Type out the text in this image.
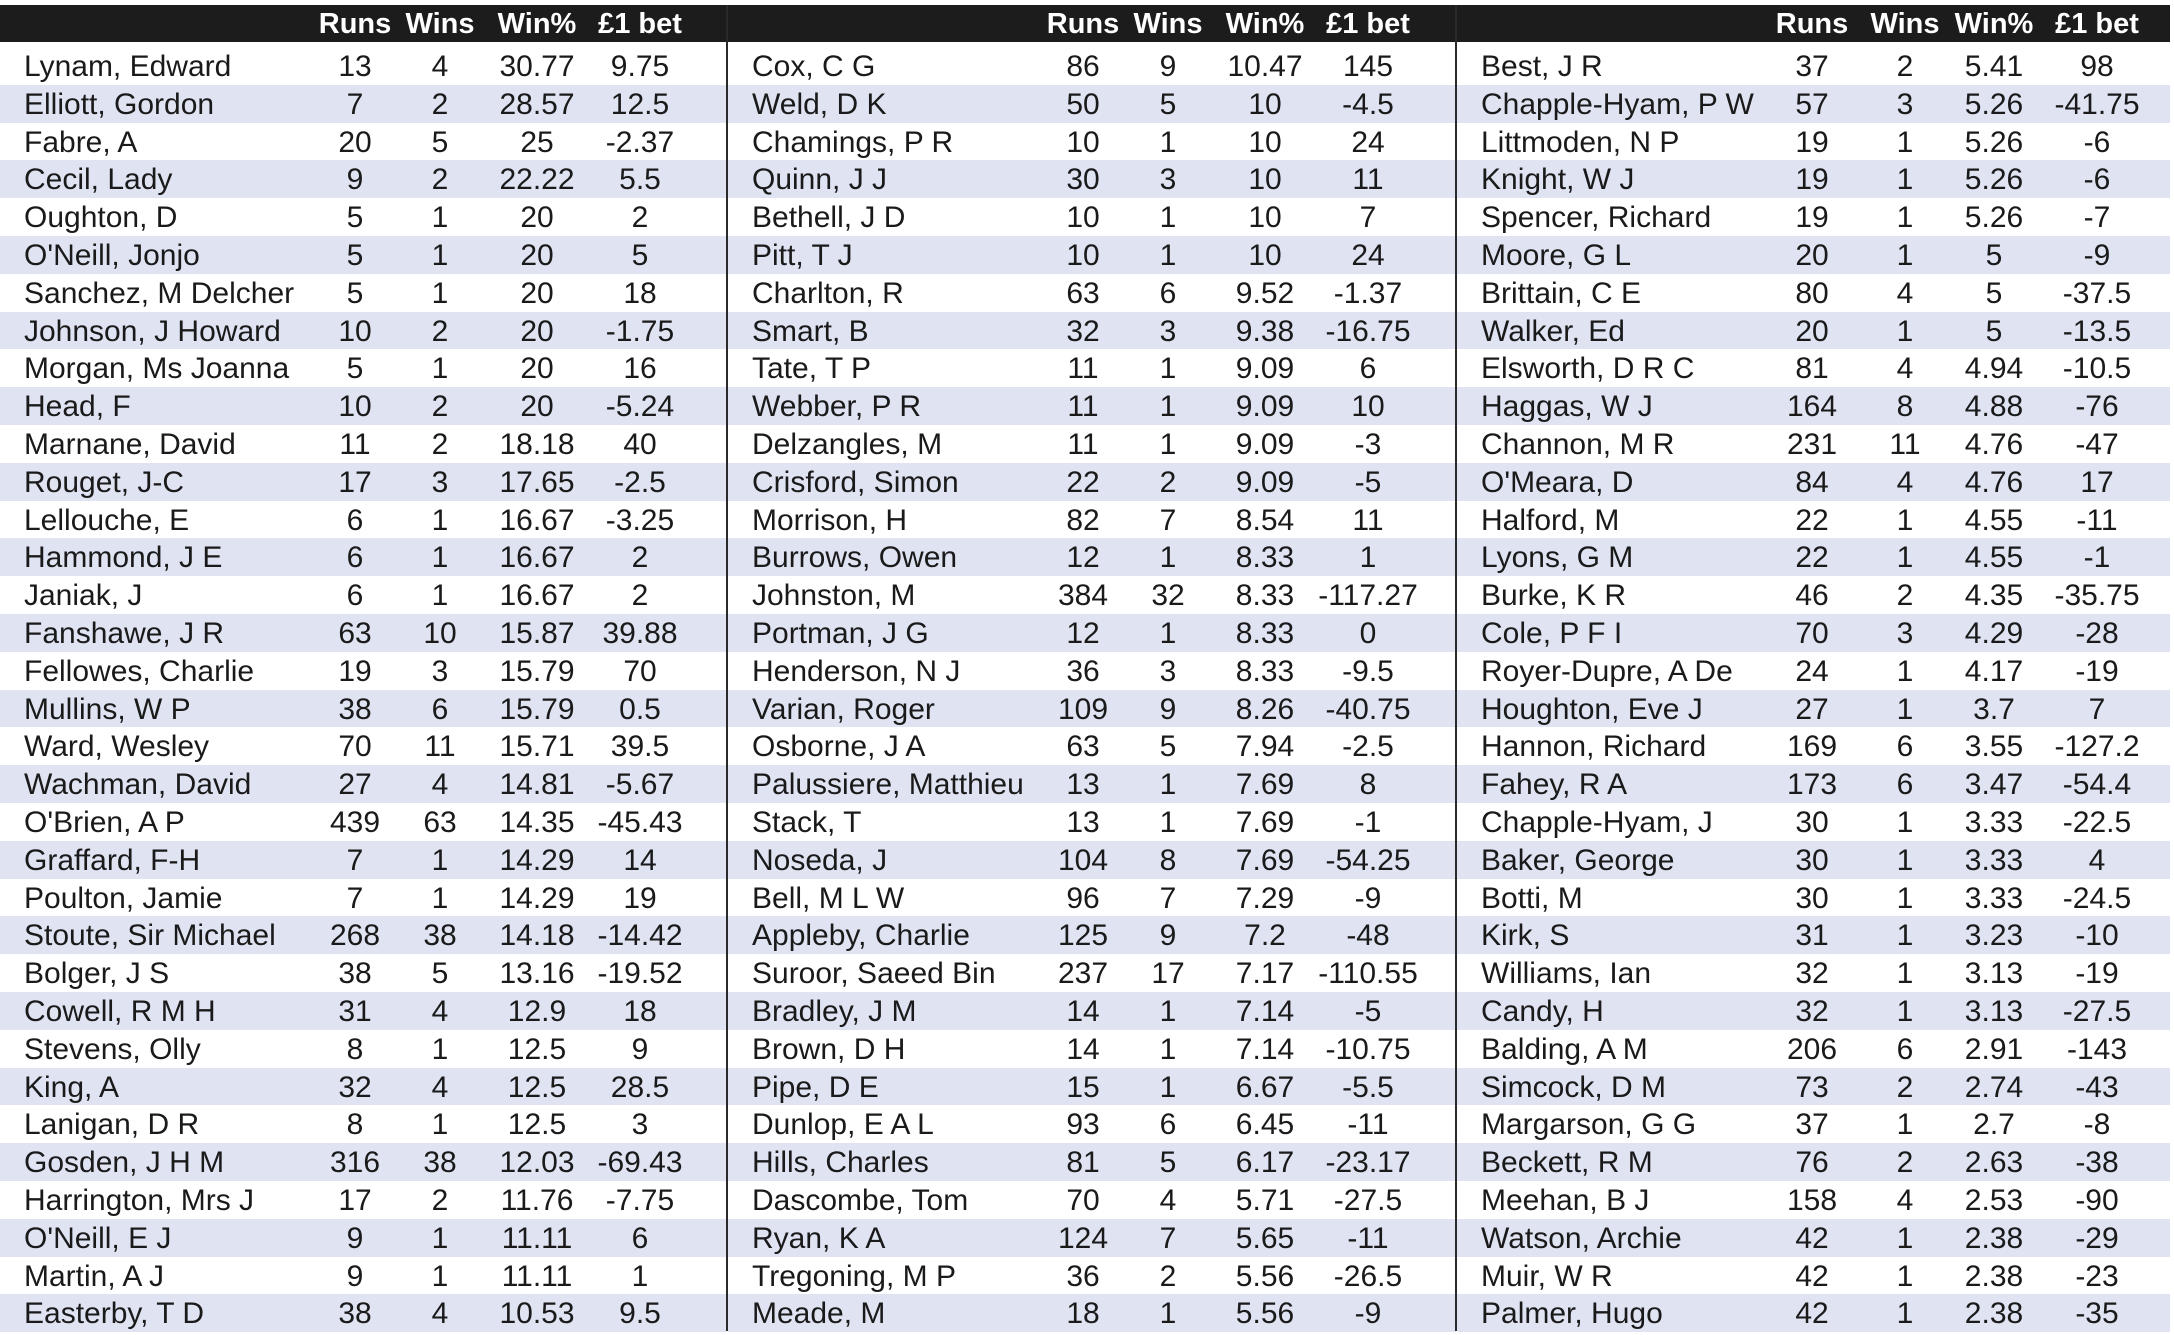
Runs Wins Win% £1 bet
Lynam, Edward	13	4	30.77	9.75
Elliott, Gordon	7	2	28.57	12.5
Fabre, A	20	5	25	-2.37
Cecil, Lady	9	2	22.22	5.5
Oughton, D	5	1	20	2
O'Neill, Jonjo	5	1	20	5
Sanchez, M Delcher	5	1	20	18
Johnson, J Howard	10	2	20	-1.75
Morgan, Ms Joanna	5	1	20	16
Head, F	10	2	20	-5.24
Marnane, David	11	2	18.18	40
Rouget, J-C	17	3	17.65	-2.5
Lellouche, E	6	1	16.67	-3.25
Hammond, J E	6	1	16.67	2
Janiak, J	6	1	16.67	2
Fanshawe, J R	63	10	15.87 39.88
Fellowes, Charlie	19	3	15.79	70
Mullins, W P	38	6	15.79	0.5
Ward, Wesley	70	11	15.71	39.5
Wachman, David	27	4	14.81	-5.67
O'Brien, A P	439	63	14.35 -45.43
Graffard, F-H	7	1	14.29	14
Poulton, Jamie	7	1	14.29	19
Stoute, Sir Michael	268	38	14.18 -14.42
Bolger, J S	38	5	13.16 -19.52
Cowell, R M H	31	4	12.9	18
Stevens, Olly	8	1	12.5	9
King, A	32	4	12.5	28.5
Lanigan, D R	8	1	12.5	3
Gosden, J H M	316	38	12.03 -69.43
Harrington, Mrs J	17	2	11.76	-7.75
O'Neill, E J	9	1	11.11	6
Martin, A J	9	1	11.11	1
Easterby, T D	38	4	10.53	9.5
Runs Wins Win% £1 bet
Cox, C G	86	9	10.47	145
Weld, D K	50	5	10	-4.5
Chamings, P R	10	1	10	24
Quinn, J J	30	3	10	11
Bethell, J D	10	1	10	7
Pitt, T J	10	1	10	24
Charlton, R	63	6	9.52	-1.37
Smart, B	32	3	9.38	-16.75
Tate, T P	11	1	9.09	6
Webber, P R	11	1	9.09	10
Delzangles, M	11	1	9.09	-3
Crisford, Simon	22	2	9.09	-5
Morrison, H	82	7	8.54	11
Burrows, Owen	12	1	8.33	1
Johnston, M	384	32	8.33 -117.27
Portman, J G	12	1	8.33	0
Henderson, N J	36	3	8.33	-9.5
Varian, Roger	109	9	8.26	-40.75
Osborne, J A	63	5	7.94	-2.5
Palussiere, Matthieu	13	1	7.69	8
Stack, T	13	1	7.69	-1
Noseda, J	104	8	7.69	-54.25
Bell, M L W	96	7	7.29	-9
Appleby, Charlie	125	9	7.2	-48
Suroor, Saeed Bin	237	17	7.17 -110.55
Bradley, J M	14	1	7.14	-5
Brown, D H	14	1	7.14	-10.75
Pipe, D E	15	1	6.67	-5.5
Dunlop, E A L	93	6	6.45	-11
Hills, Charles	81	5	6.17	-23.17
Dascombe, Tom	70	4	5.71	-27.5
Ryan, K A	124	7	5.65	-11
Tregoning, M P	36	2	5.56	-26.5
Meade, M	18	1	5.56	-9
Runs Wins Win% £1 bet
Best, J R	37	2	5.41	98
Chapple-Hyam, P W	57	3	5.26	-41.75
Littmoden, N P	19	1	5.26	-6
Knight, W J	19	1	5.26	-6
Spencer, Richard	19	1	5.26	-7
Moore, G L	20	1	5	-9
Brittain, C E	80	4	5	-37.5
Walker, Ed	20	1	5	-13.5
Elsworth, D R C	81	4	4.94	-10.5
Haggas, W J	164	8	4.88	-76
Channon, M R	231	11	4.76	-47
O'Meara, D	84	4	4.76	17
Halford, M	22	1	4.55	-11
Lyons, G M	22	1	4.55	-1
Burke, K R	46	2	4.35	-35.75
Cole, P F I	70	3	4.29	-28
Royer-Dupre, A De	24	1	4.17	-19
Houghton, Eve J	27	1	3.7	7
Hannon, Richard	169	6	3.55	-127.2
Fahey, R A	173	6	3.47	-54.4
Chapple-Hyam, J	30	1	3.33	-22.5
Baker, George	30	1	3.33	4
Botti, M	30	1	3.33	-24.5
Kirk, S	31	1	3.23	-10
Williams, Ian	32	1	3.13	-19
Candy, H	32	1	3.13	-27.5
Balding, A M	206	6	2.91	-143
Simcock, D M	73	2	2.74	-43
Margarson, G G	37	1	2.7	-8
Beckett, R M	76	2	2.63	-38
Meehan, B J	158	4	2.53	-90
Watson, Archie	42	1	2.38	-29
Muir, W R	42	1	2.38	-23
Palmer, Hugo	42	1	2.38	-35
